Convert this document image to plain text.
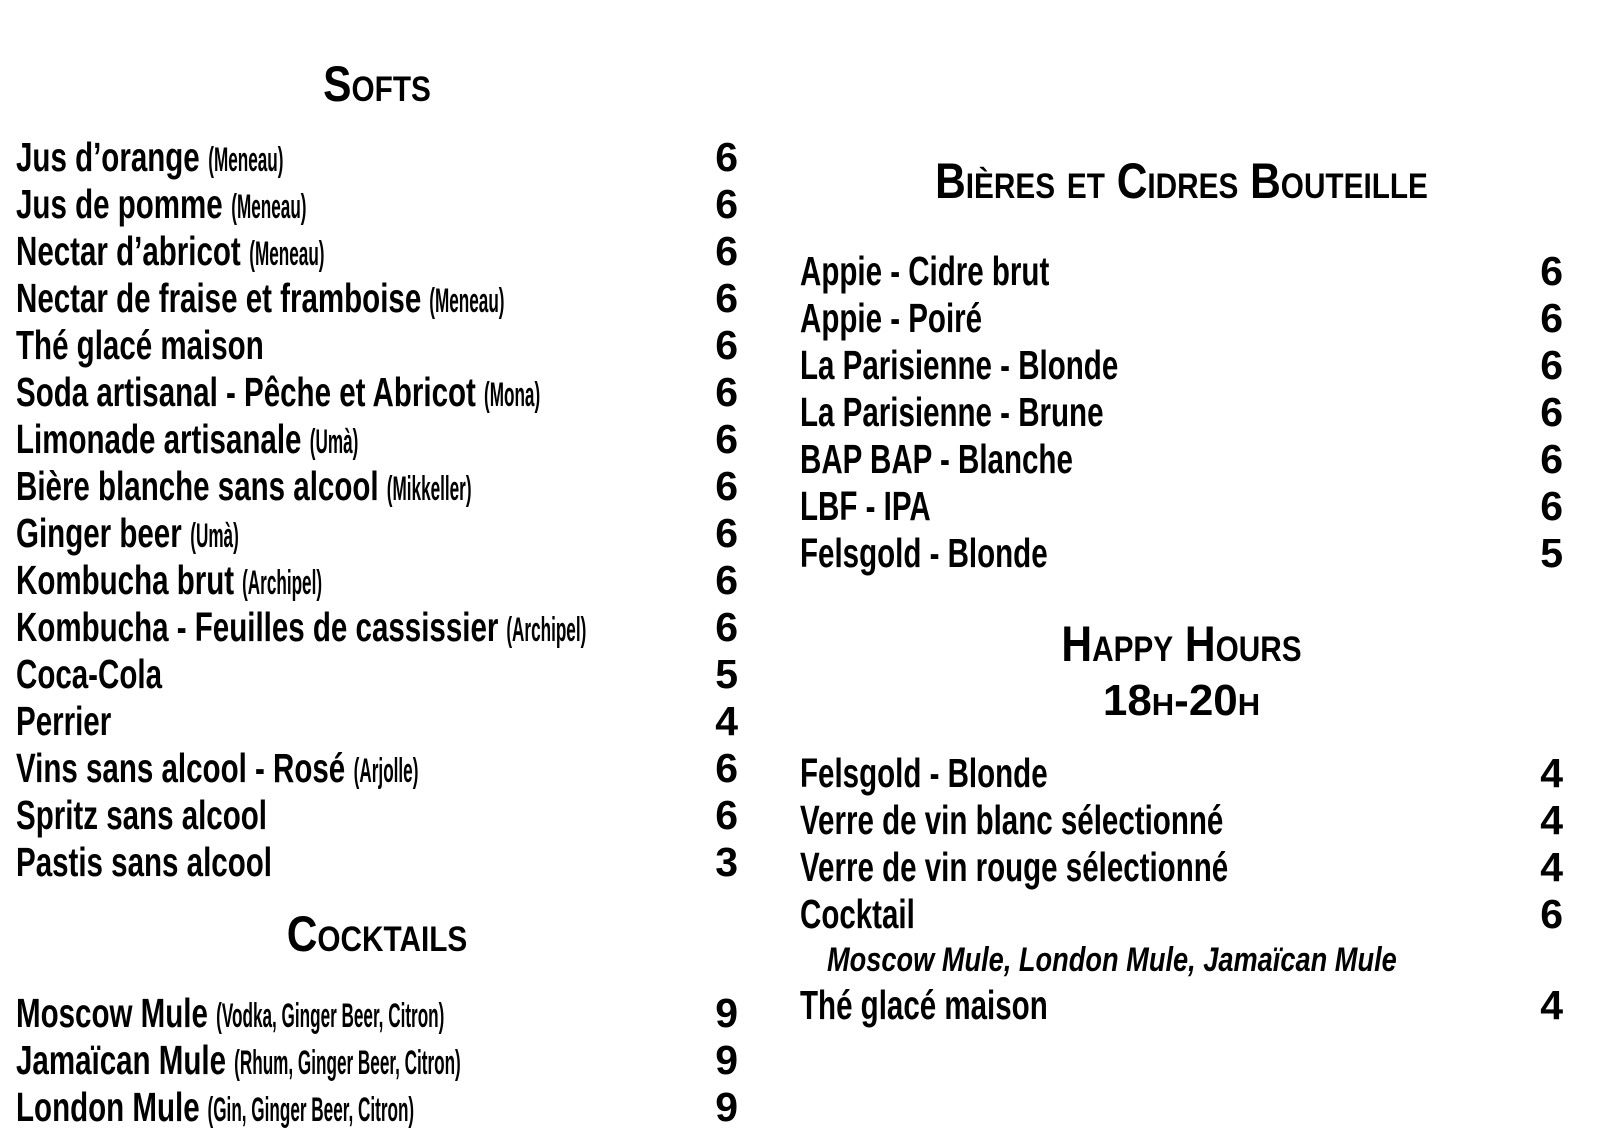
Softs
Jus d’orange (Meneau)	6
Jus de pomme (Meneau)	6
Nectar d’abricot (Meneau)	6
Nectar de fraise et framboise (Meneau)	6
Thé glacé maison	6
Soda artisanal - Pêche et Abricot (Mona)	6
Limonade artisanale (Umà)	6
Bière blanche sans alcool (Mikkeller)	6
Ginger beer (Umà)	6
Kombucha brut (Archipel)	6
Kombucha - Feuilles de cassissier (Archipel)	6
Coca-Cola	5
Perrier	4
Vins sans alcool - Rosé (Arjolle)	6
Spritz sans alcool	6
Pastis sans alcool	3
Cocktails
Moscow Mule (Vodka, Ginger Beer, Citron)	9
Jamaïcan Mule (Rhum, Ginger Beer, Citron)	9
London Mule (Gin, Ginger Beer, Citron)	9
Bières et Cidres Bouteille
Appie - Cidre brut	6
Appie - Poiré	6
La Parisienne - Blonde	6
La Parisienne - Brune	6
BAP BAP - Blanche	6
LBF - IPA	6
Felsgold - Blonde	5
Happy Hours
18h-20h
Felsgold - Blonde	4
Verre de vin blanc sélectionné	4
Verre de vin rouge sélectionné	4
Cocktail	6
Moscow Mule, London Mule, Jamaïcan Mule
Thé glacé maison	4
